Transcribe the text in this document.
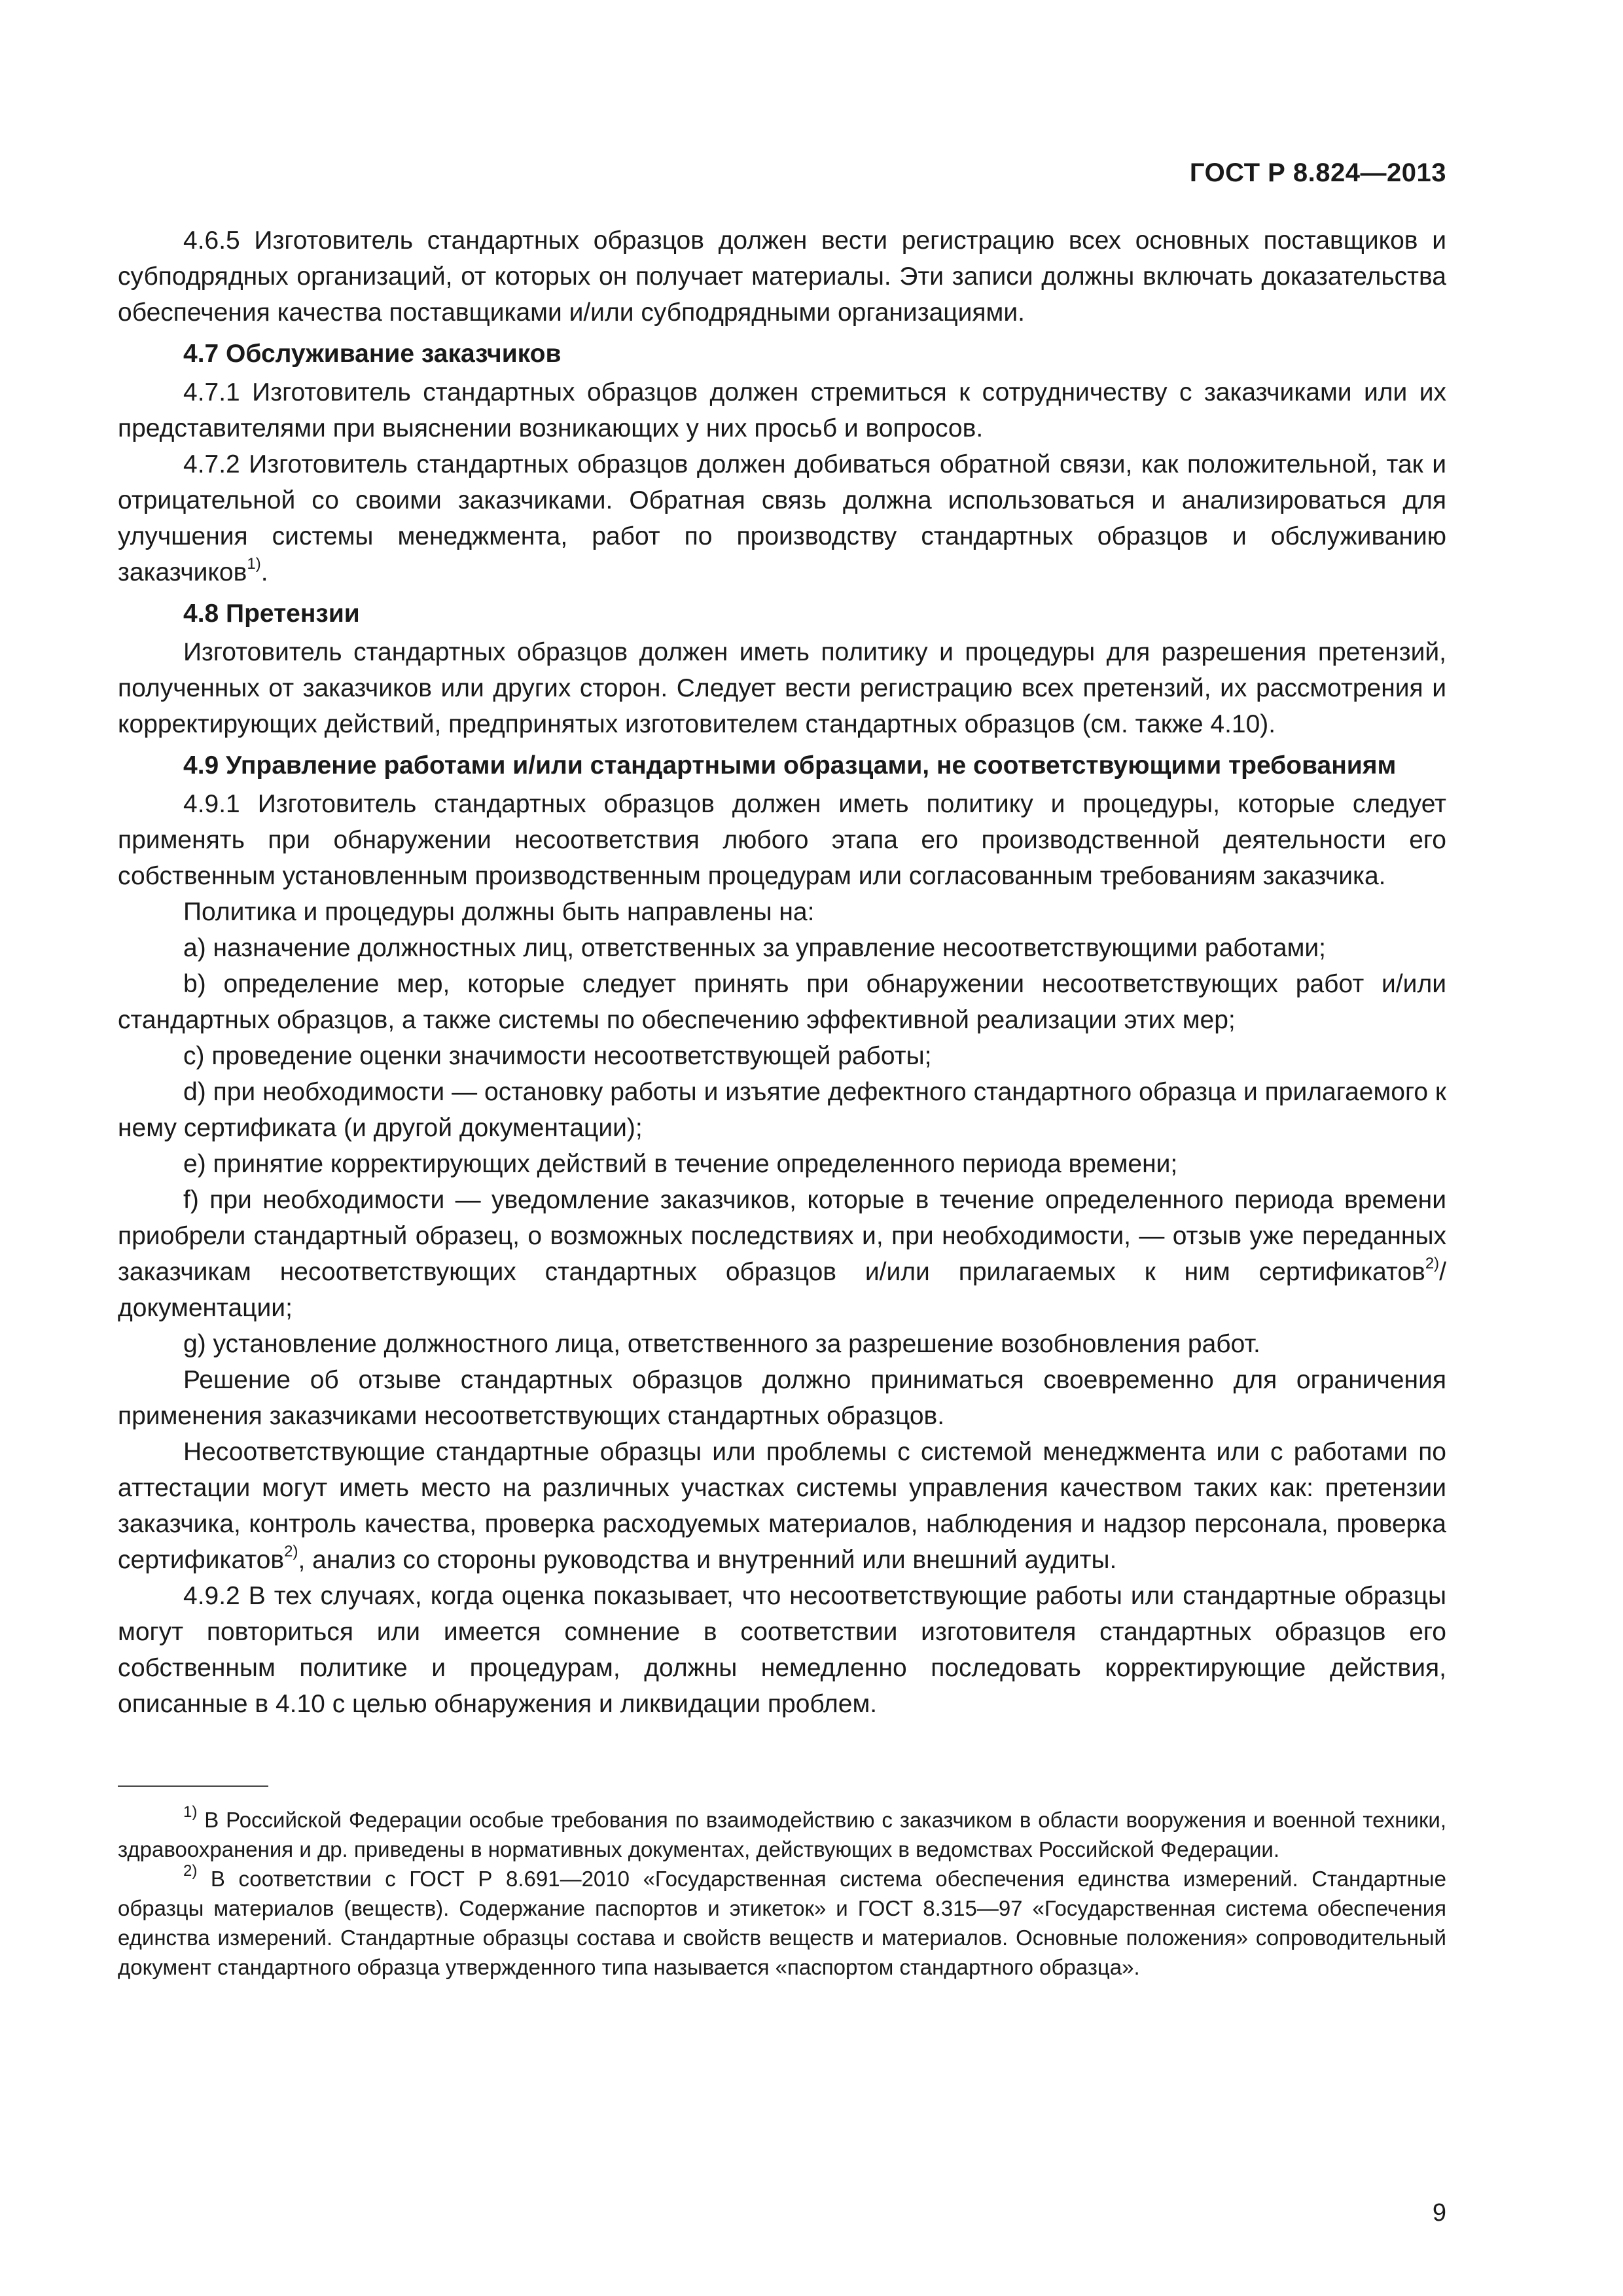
ГОСТ Р 8.824—2013

4.6.5 Изготовитель стандартных образцов должен вести регистрацию всех основных поставщиков и субподрядных организаций, от которых он получает материалы. Эти записи должны включать доказательства обеспечения качества поставщиками и/или субподрядными организациями.

4.7 Обслуживание заказчиков

4.7.1 Изготовитель стандартных образцов должен стремиться к сотрудничеству с заказчиками или их представителями при выяснении возникающих у них просьб и вопросов.

4.7.2 Изготовитель стандартных образцов должен добиваться обратной связи, как положительной, так и отрицательной со своими заказчиками. Обратная связь должна использоваться и анализироваться для улучшения системы менеджмента, работ по производству стандартных образцов и обслуживанию заказчиков$^{1)}$.

4.8 Претензии

Изготовитель стандартных образцов должен иметь политику и процедуры для разрешения претензий, полученных от заказчиков или других сторон. Следует вести регистрацию всех претензий, их рассмотрения и корректирующих действий, предпринятых изготовителем стандартных образцов (см. также 4.10).

4.9 Управление работами и/или стандартными образцами, не соответствующими требованиям

4.9.1 Изготовитель стандартных образцов должен иметь политику и процедуры, которые следует применять при обнаружении несоответствия любого этапа его производственной деятельности его собственным установленным производственным процедурам или согласованным требованиям заказчика.

Политика и процедуры должны быть направлены на:

a) назначение должностных лиц, ответственных за управление несоответствующими работами;

b) определение мер, которые следует принять при обнаружении несоответствующих работ и/или стандартных образцов, а также системы по обеспечению эффективной реализации этих мер;

c) проведение оценки значимости несоответствующей работы;

d) при необходимости — остановку работы и изъятие дефектного стандартного образца и прилагаемого к нему сертификата (и другой документации);

e) принятие корректирующих действий в течение определенного периода времени;

f) при необходимости — уведомление заказчиков, которые в течение определенного периода времени приобрели стандартный образец, о возможных последствиях и, при необходимости, — отзыв уже переданных заказчикам несоответствующих стандартных образцов и/или прилагаемых к ним сертификатов$^{2)}$/документации;

g) установление должностного лица, ответственного за разрешение возобновления работ.

Решение об отзыве стандартных образцов должно приниматься своевременно для ограничения применения заказчиками несоответствующих стандартных образцов.

Несоответствующие стандартные образцы или проблемы с системой менеджмента или с работами по аттестации могут иметь место на различных участках системы управления качеством таких как: претензии заказчика, контроль качества, проверка расходуемых материалов, наблюдения и надзор персонала, проверка сертификатов$^{2)}$, анализ со стороны руководства и внутренний или внешний аудиты.

4.9.2 В тех случаях, когда оценка показывает, что несоответствующие работы или стандартные образцы могут повториться или имеется сомнение в соответствии изготовителя стандартных образцов его собственным политике и процедурам, должны немедленно последовать корректирующие действия, описанные в 4.10 с целью обнаружения и ликвидации проблем.

$^{1)}$ В Российской Федерации особые требования по взаимодействию с заказчиком в области вооружения и военной техники, здравоохранения и др. приведены в нормативных документах, действующих в ведомствах Российской Федерации.

$^{2)}$ В соответствии с ГОСТ Р 8.691—2010 «Государственная система обеспечения единства измерений. Стандартные образцы материалов (веществ). Содержание паспортов и этикеток» и ГОСТ 8.315—97 «Государственная система обеспечения единства измерений. Стандартные образцы состава и свойств веществ и материалов. Основные положения» сопроводительный документ стандартного образца утвержденного типа называется «паспортом стандартного образца».

9
